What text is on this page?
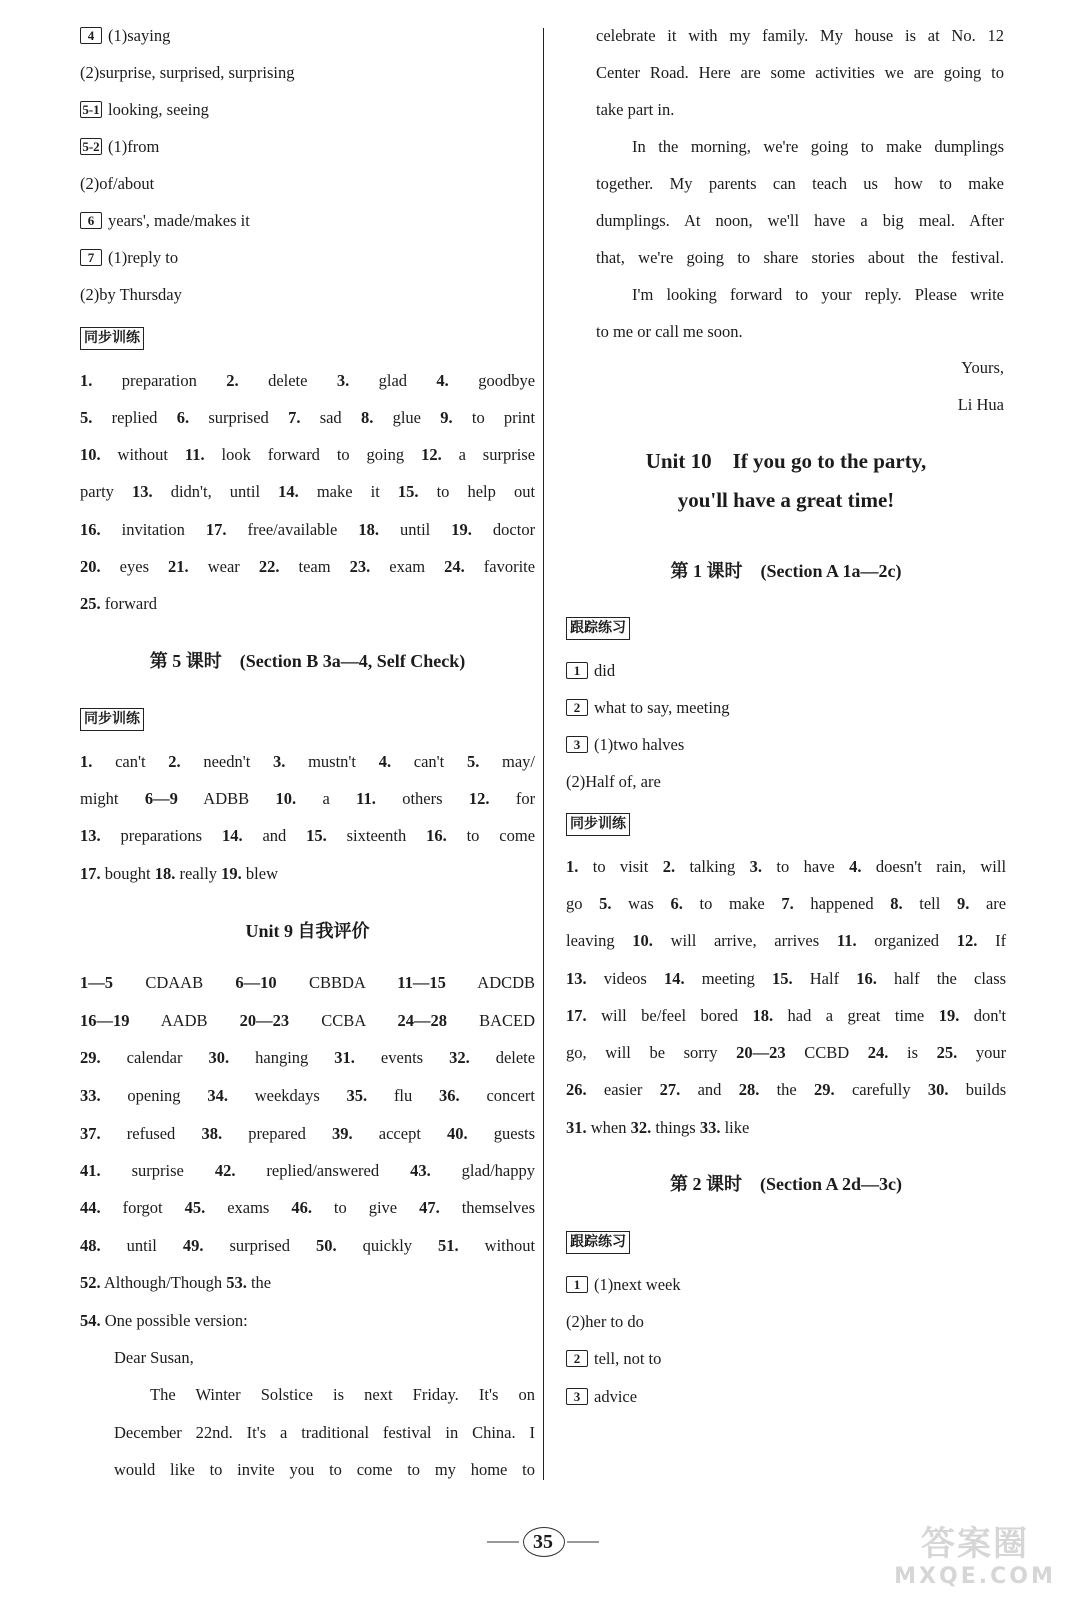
4 (1)saying
(2)surprise, surprised, surprising
5-1 looking, seeing
5-2 (1)from
(2)of/about
6 years', made/makes it
7 (1)reply to
(2)by Thursday
同步训练
1. preparation 2. delete 3. glad 4. goodbye
5. replied 6. surprised 7. sad 8. glue 9. to print
10. without 11. look forward to going 12. a surprise
party 13. didn't, until 14. make it 15. to help out
16. invitation 17. free/available 18. until 19. doctor
20. eyes 21. wear 22. team 23. exam 24. favorite
25. forward
第 5 课时　(Section B 3a—4, Self Check)
同步训练
1. can't 2. needn't 3. mustn't 4. can't 5. may/
might 6—9 ADBB 10. a 11. others 12. for
13. preparations 14. and 15. sixteenth 16. to come
17. bought 18. really 19. blew
Unit 9 自我评价
1—5 CDAAB 6—10 CBBDA 11—15 ADCDB
16—19 AADB 20—23 CCBA 24—28 BACED
29. calendar 30. hanging 31. events 32. delete
33. opening 34. weekdays 35. flu 36. concert
37. refused 38. prepared 39. accept 40. guests
41. surprise 42. replied/answered 43. glad/happy
44. forgot 45. exams 46. to give 47. themselves
48. until 49. surprised 50. quickly 51. without
52. Although/Though 53. the
54. One possible version:
Dear Susan,
The Winter Solstice is next Friday. It's on
December 22nd. It's a traditional festival in China. I
would like to invite you to come to my home to
celebrate it with my family. My house is at No. 12
Center Road. Here are some activities we are going to
take part in.
In the morning, we're going to make dumplings
together. My parents can teach us how to make
dumplings. At noon, we'll have a big meal. After
that, we're going to share stories about the festival.
I'm looking forward to your reply. Please write
to me or call me soon.
Yours,
Li Hua
Unit 10　If you go to the party,
you'll have a great time!
第 1 课时　(Section A 1a—2c)
跟踪练习
1 did
2 what to say, meeting
3 (1)two halves
(2)Half of, are
同步训练
1. to visit 2. talking 3. to have 4. doesn't rain, will
go 5. was 6. to make 7. happened 8. tell 9. are
leaving 10. will arrive, arrives 11. organized 12. If
13. videos 14. meeting 15. Half 16. half the class
17. will be/feel bored 18. had a great time 19. don't
go, will be sorry 20—23 CCBD 24. is 25. your
26. easier 27. and 28. the 29. carefully 30. builds
31. when 32. things 33. like
第 2 课时　(Section A 2d—3c)
跟踪练习
1 (1)next week
(2)her to do
2 tell, not to
3 advice
35	答案圈
MXQE.COM
